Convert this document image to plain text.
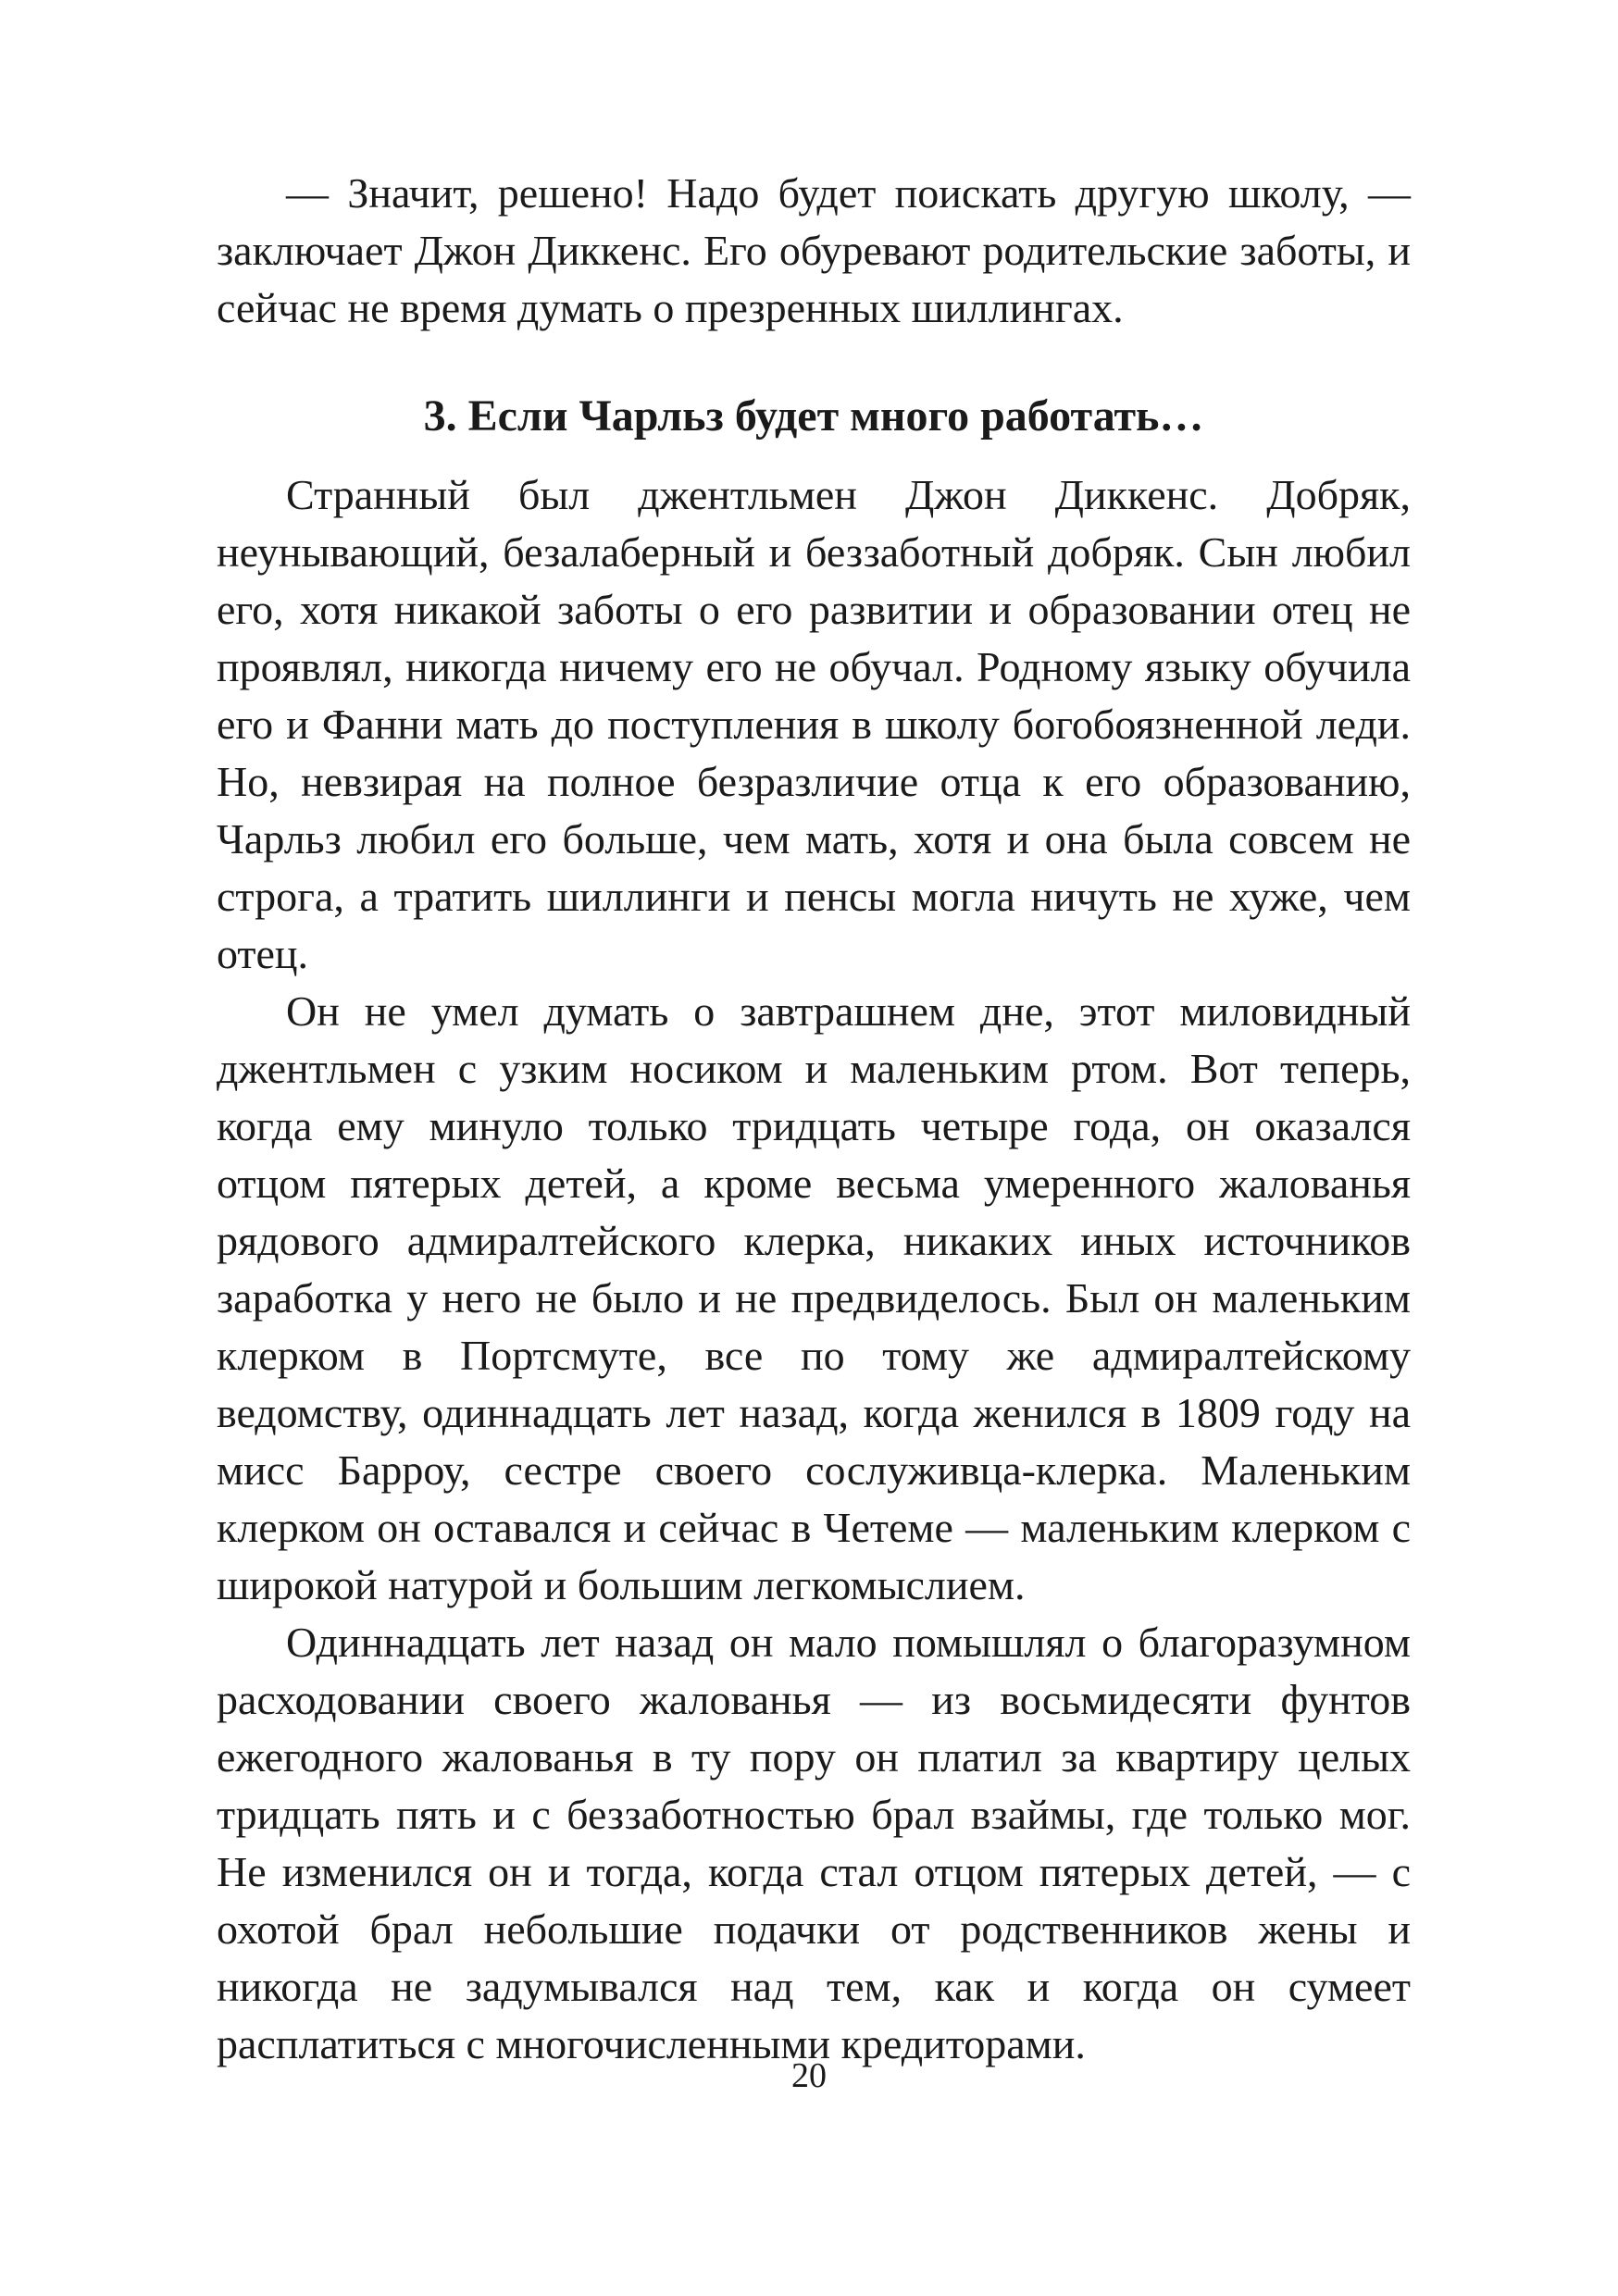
— Значит, решено! Надо будет поискать другую школу, — заключает Джон Диккенс. Его обуревают родительские заботы, и сейчас не время думать о презренных шиллингах.

3. Если Чарльз будет много работать…

Странный был джентльмен Джон Диккенс. Добряк, неунывающий, безалаберный и беззаботный добряк. Сын любил его, хотя никакой заботы о его развитии и образовании отец не проявлял, никогда ничему его не обучал. Родному языку обучила его и Фанни мать до поступления в школу богобоязненной леди. Но, невзирая на полное безразличие отца к его образованию, Чарльз любил его больше, чем мать, хотя и она была совсем не строга, а тратить шиллинги и пенсы могла ничуть не хуже, чем отец.

Он не умел думать о завтрашнем дне, этот миловидный джентльмен с узким носиком и маленьким ртом. Вот теперь, когда ему минуло только тридцать четыре года, он оказался отцом пятерых детей, а кроме весьма умеренного жалованья рядового адмиралтейского клерка, никаких иных источников заработка у него не было и не предвиделось. Был он маленьким клерком в Портсмуте, все по тому же адмиралтейскому ведомству, одиннадцать лет назад, когда женился в 1809 году на мисс Барроу, сестре своего сослуживца-клерка. Маленьким клерком он оставался и сейчас в Четеме — маленьким клерком с широкой натурой и большим легкомыслием.

Одиннадцать лет назад он мало помышлял о благоразумном расходовании своего жалованья — из восьмидесяти фунтов ежегодного жалованья в ту пору он платил за квартиру целых тридцать пять и с беззаботностью брал взаймы, где только мог. Не изменился он и тогда, когда стал отцом пятерых детей, — с охотой брал небольшие подачки от родственников жены и никогда не задумывался над тем, как и когда он сумеет расплатиться с многочисленными кредиторами.

20
